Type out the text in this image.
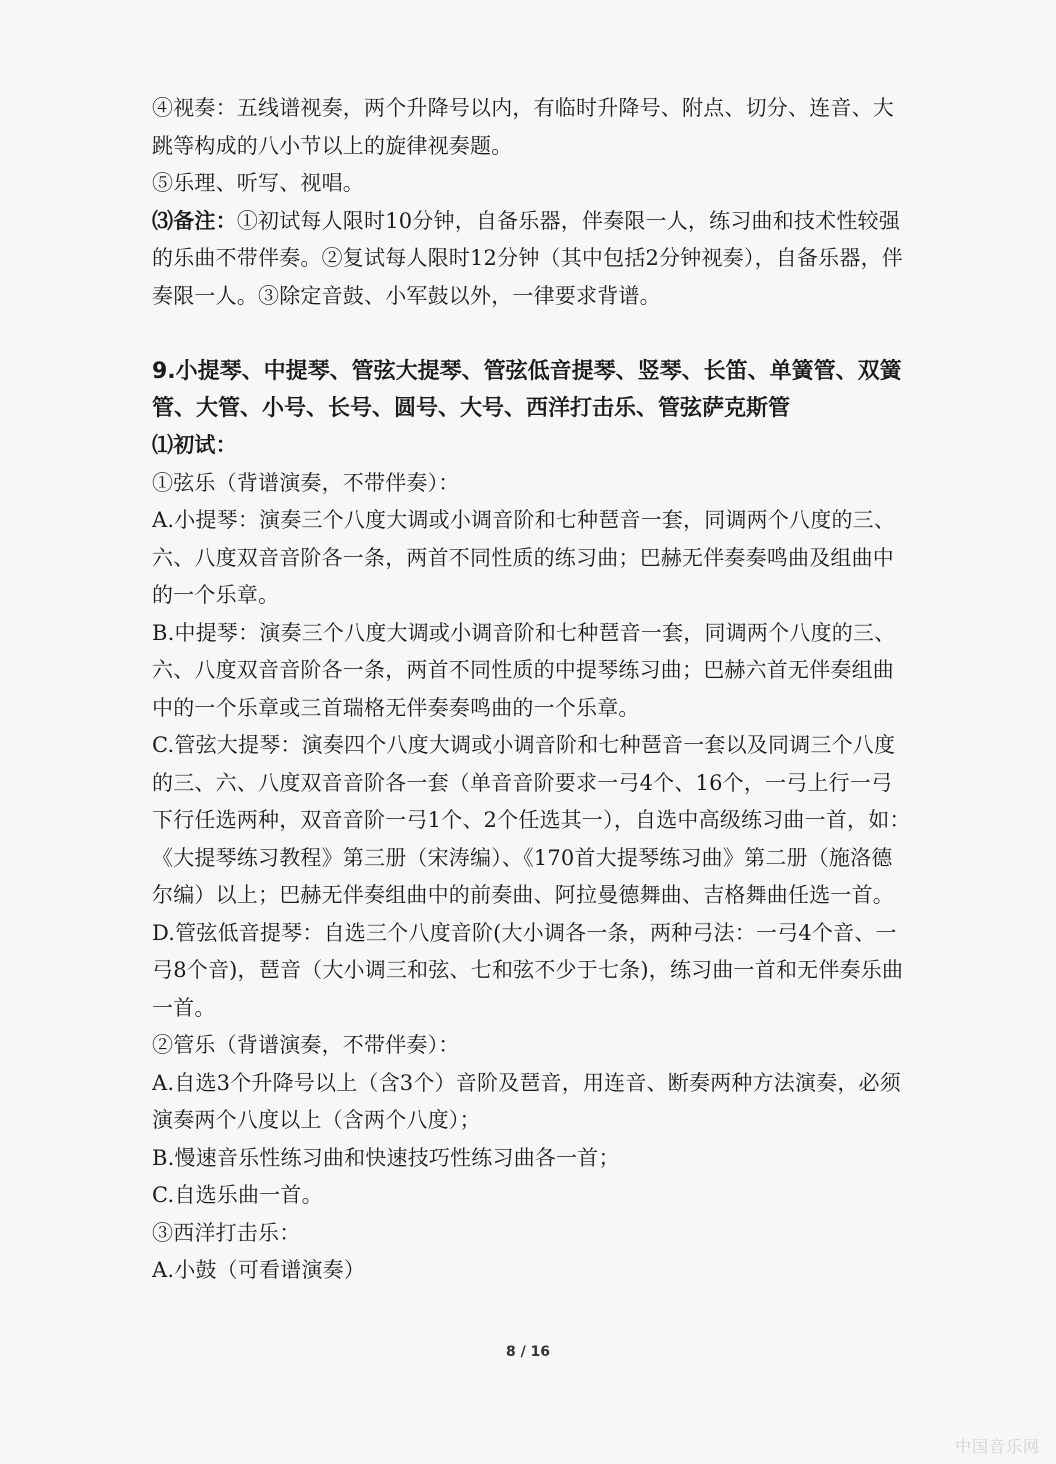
④视奏：五线谱视奏，两个升降号以内，有临时升降号、附点、切分、连音、大跳等构成的八小节以上的旋律视奏题。

⑤乐理、听写、视唱。

⑶备注：①初试每人限时10分钟，自备乐器，伴奏限一人，练习曲和技术性较强的乐曲不带伴奏。②复试每人限时12分钟（其中包括2分钟视奏），自备乐器，伴奏限一人。③除定音鼓、小军鼓以外，一律要求背谱。

9.小提琴、中提琴、管弦大提琴、管弦低音提琴、竖琴、长笛、单簧管、双簧管、大管、小号、长号、圆号、大号、西洋打击乐、管弦萨克斯管

⑴初试：

①弦乐（背谱演奏，不带伴奏）：

A.小提琴：演奏三个八度大调或小调音阶和七种琶音一套，同调两个八度的三、六、八度双音音阶各一条，两首不同性质的练习曲；巴赫无伴奏奏鸣曲及组曲中的一个乐章。

B.中提琴：演奏三个八度大调或小调音阶和七种琶音一套，同调两个八度的三、六、八度双音音阶各一条，两首不同性质的中提琴练习曲；巴赫六首无伴奏组曲中的一个乐章或三首瑞格无伴奏奏鸣曲的一个乐章。

C.管弦大提琴：演奏四个八度大调或小调音阶和七种琶音一套以及同调三个八度的三、六、八度双音音阶各一套（单音音阶要求一弓4个、16个，一弓上行一弓下行任选两种，双音音阶一弓1个、2个任选其一），自选中高级练习曲一首，如：《大提琴练习教程》第三册（宋涛编）、《170首大提琴练习曲》第二册（施洛德尔编）以上；巴赫无伴奏组曲中的前奏曲、阿拉曼德舞曲、吉格舞曲任选一首。

D.管弦低音提琴：自选三个八度音阶(大小调各一条，两种弓法：一弓4个音、一弓8个音)，琶音（大小调三和弦、七和弦不少于七条)，练习曲一首和无伴奏乐曲一首。

②管乐（背谱演奏，不带伴奏）：

A.自选3个升降号以上（含3个）音阶及琶音，用连音、断奏两种方法演奏，必须演奏两个八度以上（含两个八度）；

B.慢速音乐性练习曲和快速技巧性练习曲各一首；

C.自选乐曲一首。

③西洋打击乐：

A.小鼓（可看谱演奏）

8 / 16
中国音乐网
